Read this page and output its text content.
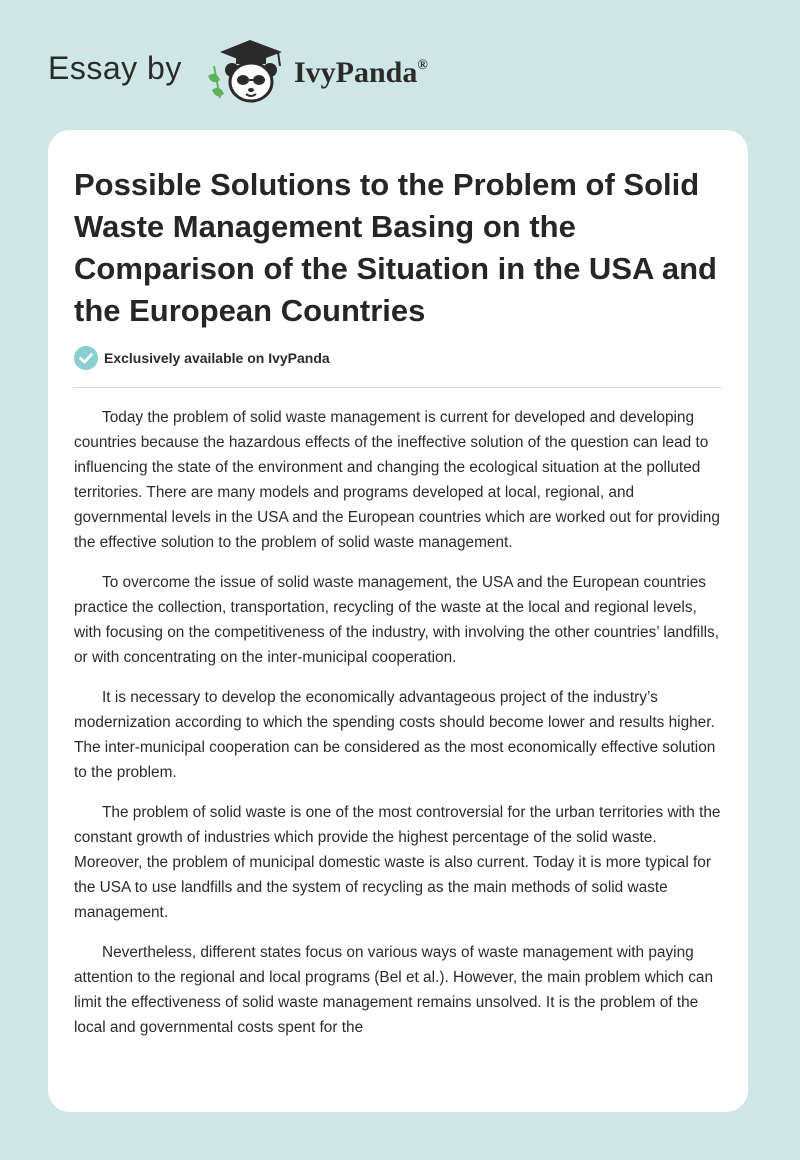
Essay by	IvyPanda®
Possible Solutions to the Problem of Solid Waste Management Basing on the Comparison of the Situation in the USA and the European Countries
Exclusively available on IvyPanda

Today the problem of solid waste management is current for developed and developing countries because the hazardous effects of the ineffective solution of the question can lead to influencing the state of the environment and changing the ecological situation at the polluted territories. There are many models and programs developed at local, regional, and governmental levels in the USA and the European countries which are worked out for providing the effective solution to the problem of solid waste management.

To overcome the issue of solid waste management, the USA and the European countries practice the collection, transportation, recycling of the waste at the local and regional levels, with focusing on the competitiveness of the industry, with involving the other countries’ landfills, or with concentrating on the inter-municipal cooperation.

It is necessary to develop the economically advantageous project of the industry’s modernization according to which the spending costs should become lower and results higher. The inter-municipal cooperation can be considered as the most economically effective solution to the problem.

The problem of solid waste is one of the most controversial for the urban territories with the constant growth of industries which provide the highest percentage of the solid waste. Moreover, the problem of municipal domestic waste is also current. Today it is more typical for the USA to use landfills and the system of recycling as the main methods of solid waste management.

Nevertheless, different states focus on various ways of waste management with paying attention to the regional and local programs (Bel et al.). However, the main problem which can limit the effectiveness of solid waste management remains unsolved. It is the problem of the local and governmental costs spent for the
